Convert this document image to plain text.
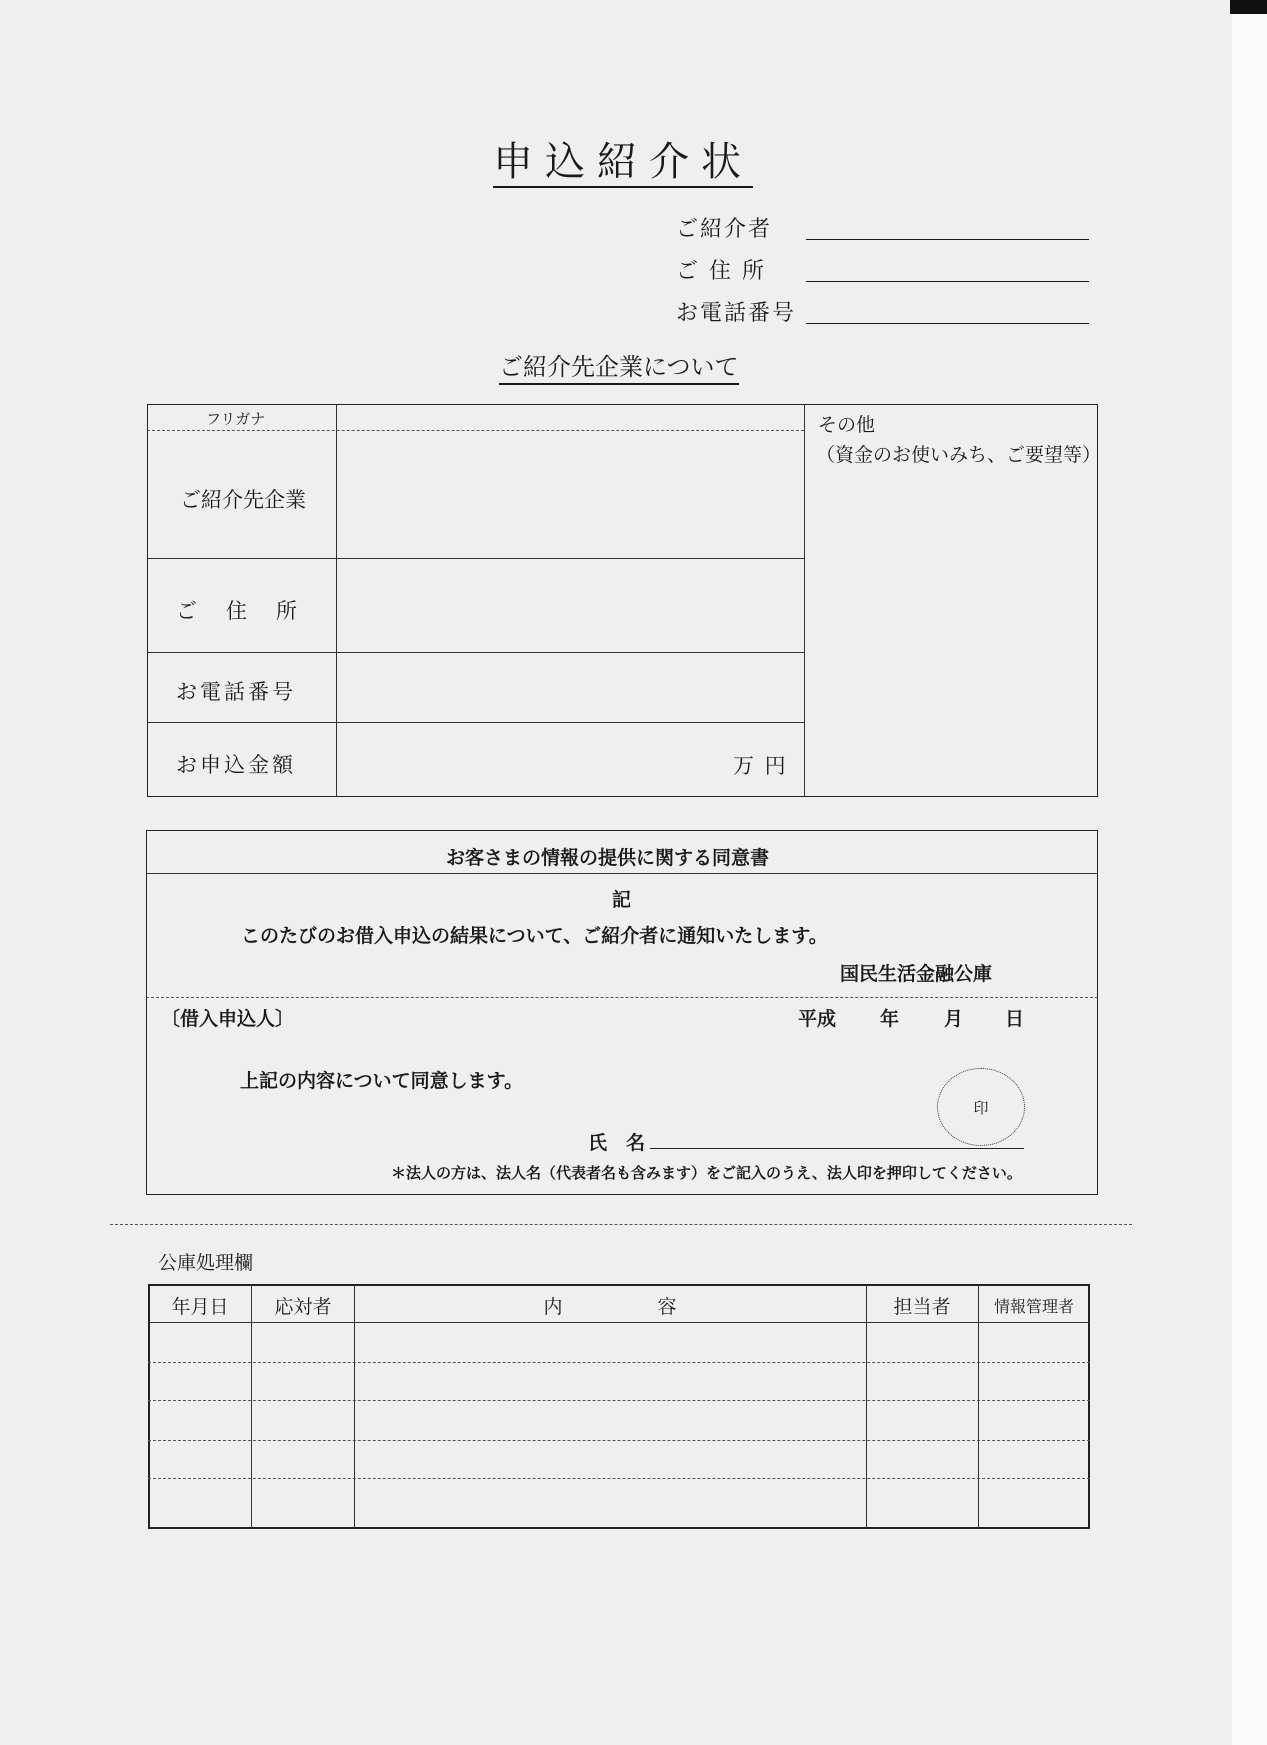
申込紹介状
ご紹介者
ご 住 所
お電話番号
ご紹介先企業について
フリガナ
ご紹介先企業
ご　住　所
お電話番号
お申込金額	万 円
その他
（資金のお使いみち、ご要望等）
お客さまの情報の提供に関する同意書
記
このたびのお借入申込の結果について、ご紹介者に通知いたします。
国民生活金融公庫
〔借入申込人〕	平成 年 月 日
上記の内容について同意します。
印
氏　名
＊法人の方は、法人名（代表者名も含みます）をご記入のうえ、法人印を押印してください。
公庫処理欄
年月日	応対者	内　　　　　容	担当者	情報管理者
